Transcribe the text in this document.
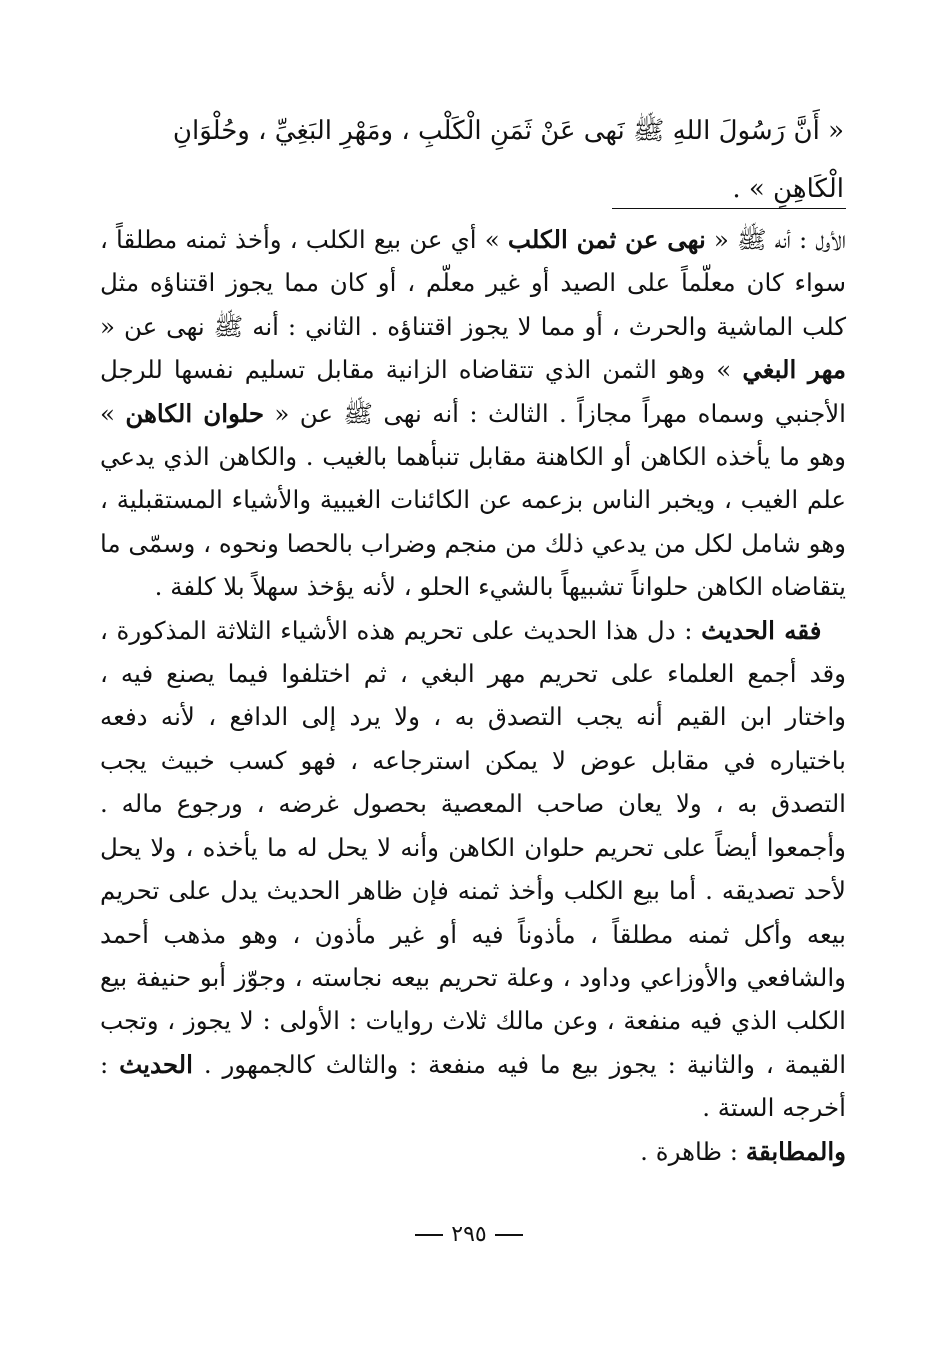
« أَنَّ رَسُولَ اللهِ ﷺ نَهى عَنْ ثَمَنِ الْكَلْبِ ، ومَهْرِ البَغِيِّ ، وحُلْوَانِ
الْكَاهِنِ » .

الأول : أنه ﷺ « نهى عن ثمن الكلب » أي عن بيع الكلب ، وأخذ ثمنه مطلقاً ، سواء كان معلّماً على الصيد أو غير معلّم ، أو كان مما يجوز اقتناؤه مثل كلب الماشية والحرث ، أو مما لا يجوز اقتناؤه . الثاني : أنه ﷺ نهى عن « مهر البغي » وهو الثمن الذي تتقاضاه الزانية مقابل تسليم نفسها للرجل الأجنبي وسماه مهراً مجازاً . الثالث : أنه نهى ﷺ عن « حلوان الكاهن » وهو ما يأخذه الكاهن أو الكاهنة مقابل تنبأهما بالغيب . والكاهن الذي يدعي علم الغيب ، ويخبر الناس بزعمه عن الكائنات الغيبية والأشياء المستقبلية ، وهو شامل لكل من يدعي ذلك من منجم وضراب بالحصا ونحوه ، وسمّى ما يتقاضاه الكاهن حلواناً تشبيهاً بالشيء الحلو ، لأنه يؤخذ سهلاً بلا كلفة .

 فقه الحديث : دل هذا الحديث على تحريم هذه الأشياء الثلاثة المذكورة ، وقد أجمع العلماء على تحريم مهر البغي ، ثم اختلفوا فيما يصنع فيه ، واختار ابن القيم أنه يجب التصدق به ، ولا يرد إلى الدافع ، لأنه دفعه باختياره في مقابل عوض لا يمكن استرجاعه ، فهو كسب خبيث يجب التصدق به ، ولا يعان صاحب المعصية بحصول غرضه ، ورجوع ماله . وأجمعوا أيضاً على تحريم حلوان الكاهن وأنه لا يحل له ما يأخذه ، ولا يحل لأحد تصديقه . أما بيع الكلب وأخذ ثمنه فإن ظاهر الحديث يدل على تحريم بيعه وأكل ثمنه مطلقاً ، مأذوناً فيه أو غير مأذون ، وهو مذهب أحمد والشافعي والأوزاعي وداود ، وعلة تحريم بيعه نجاسته ، وجوّز أبو حنيفة بيع الكلب الذي فيه منفعة ، وعن مالك ثلاث روايات : الأولى : لا يجوز ، وتجب القيمة ، والثانية : يجوز بيع ما فيه منفعة : والثالث كالجمهور . الحديث : أخرجه الستة .

والمطابقة : ظاهرة .

٢٩٥
